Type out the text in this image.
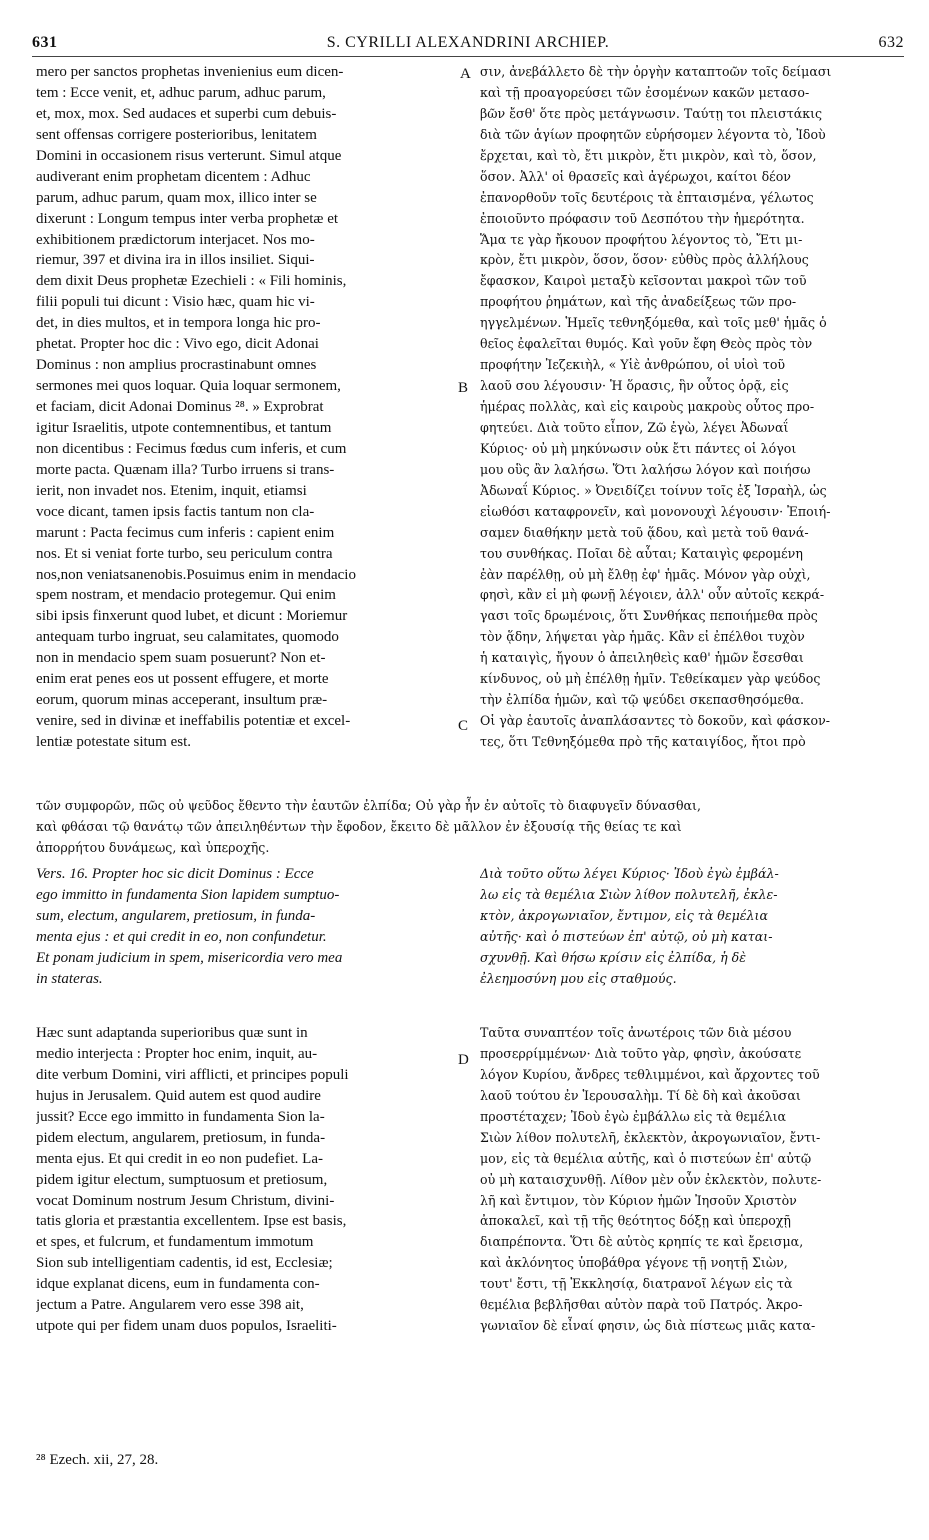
631	S. CYRILLI ALEXANDRINI ARCHIEP.	632
mero per sanctos prophetas invenienius eum dicen-
tem : Ecce venit, et, adhuc parum, adhuc parum,
et, mox, mox. Sed audaces et superbi cum debuis-
sent offensas corrigere posterioribus, lenitatem
Domini in occasionem risus verterunt. Simul atque
audiverant enim prophetam dicentem : Adhuc
parum, adhuc parum, quam mox, illico inter se
dixerunt : Longum tempus inter verba prophetæ et
exhibitionem prædictorum interjacet. Nos mo-
riemur, 397 et divina ira in illos insiliet. Siqui-
dem dixit Deus prophetæ Ezechieli : « Fili hominis,
filii populi tui dicunt : Visio hæc, quam hic vi-
det, in dies multos, et in tempora longa hic pro-
phetat. Propter hoc dic : Vivo ego, dicit Adonai
Dominus : non amplius procrastinabunt omnes
sermones mei quos loquar. Quia loquar sermonem,
et faciam, dicit Adonai Dominus ²⁸. » Exprobrat
igitur Israelitis, utpote contemnentibus, et tantum
non dicentibus : Fecimus fœdus cum inferis, et cum
morte pacta. Quænam illa? Turbo irruens si trans-
ierit, non invadet nos. Etenim, inquit, etiamsi
voce dicant, tamen ipsis factis tantum non cla-
marunt : Pacta fecimus cum inferis : capient enim
nos. Et si veniat forte turbo, seu periculum contra
nos,non veniatsanenobis.Posuimus enim in mendacio
spem nostram, et mendacio protegemur. Qui enim
sibi ipsis finxerunt quod lubet, et dicunt : Moriemur
antequam turbo ingruat, seu calamitates, quomodo
non in mendacio spem suam posuerunt? Non et-
enim erat penes eos ut possent effugere, et morte
eorum, quorum minas acceperant, insultum præ-
venire, sed in divinæ et ineffabilis potentiæ et excel-
lentiæ potestate situm est.
σιν, ἀνεβάλλετο δὲ τὴν ὀργὴν καταπτοῶν τοῖς δείμασι
καὶ τῇ προαγορεύσει τῶν ἐσομένων κακῶν μετασο-
βῶν ἔσθ' ὅτε πρὸς μετάγνωσιν. Ταύτῃ τοι πλειστάκις
διὰ τῶν ἁγίων προφητῶν εὑρήσομεν λέγοντα τὸ, Ἰδοὺ
ἔρχεται, καὶ τὸ, ἔτι μικρὸν, ἔτι μικρὸν, καὶ τὸ, ὅσον,
ὅσον. Ἀλλ' οἱ θρασεῖς καὶ ἀγέρωχοι, καίτοι δέον
ἐπανορθοῦν τοῖς δευτέροις τὰ ἐπταισμένα, γέλωτος
ἐποιοῦντο πρόφασιν τοῦ Δεσπότου τὴν ἡμερότητα.
Ἅμα τε γὰρ ἤκουον προφήτου λέγοντος τὸ, Ἔτι μι-
κρὸν, ἔτι μικρὸν, ὅσον, ὅσον· εὐθὺς πρὸς ἀλλήλους
ἔφασκον, Καιροὶ μεταξὺ κεῖσονται μακροὶ τῶν τοῦ
προφήτου ῥημάτων, καὶ τῆς ἀναδείξεως τῶν προ-
ηγγελμένων. Ἡμεῖς τεθνηξόμεθα, καὶ τοῖς μεθ' ἡμᾶς ὁ
θεῖος ἐφαλεῖται θυμός. Καὶ γοῦν ἔφη Θεὸς πρὸς τὸν
προφήτην Ἰεζεκιὴλ, « Υἱὲ ἀνθρώπου, οἱ υἱοὶ τοῦ
λαοῦ σου λέγουσιν· Ἡ ὅρασις, ἣν οὗτος ὁρᾷ, εἰς
ἡμέρας πολλὰς, καὶ εἰς καιροὺς μακροὺς οὗτος προ-
φητεύει. Διὰ τοῦτο εἶπον, Ζῶ ἐγὼ, λέγει Ἀδωναΐ
Κύριος· οὐ μὴ μηκύνωσιν οὐκ ἔτι πάντες οἱ λόγοι
μου οὓς ἂν λαλήσω. Ὅτι λαλήσω λόγον καὶ ποιήσω
Ἀδωναΐ Κύριος. » Ὀνειδίζει τοίνυν τοῖς ἐξ Ἰσραὴλ, ὡς
εἰωθόσι καταφρονεῖν, καὶ μονονουχὶ λέγουσιν· Ἐποιή-
σαμεν διαθήκην μετὰ τοῦ ᾅδου, καὶ μετὰ τοῦ θανά-
του συνθήκας. Ποῖαι δὲ αὗται; Καταιγὶς φερομένη
ἐὰν παρέλθῃ, οὐ μὴ ἔλθῃ ἐφ' ἡμᾶς. Μόνον γὰρ οὐχὶ,
φησὶ, κἂν εἰ μὴ φωνῇ λέγοιεν, ἀλλ' οὖν αὐτοῖς κεκρά-
γασι τοῖς δρωμένοις, ὅτι Συνθήκας πεποιήμεθα πρὸς
τὸν ᾅδην, λήψεται γὰρ ἡμᾶς. Κἂν εἰ ἐπέλθοι τυχὸν
ἡ καταιγὶς, ἤγουν ὁ ἀπειληθεὶς καθ' ἡμῶν ἔσεσθαι
κίνδυνος, οὐ μὴ ἐπέλθῃ ἡμῖν. Τεθείκαμεν γὰρ ψεύδος
τὴν ἐλπίδα ἡμῶν, καὶ τῷ ψεύδει σκεπασθησόμεθα.
Οἱ γὰρ ἑαυτοῖς ἀναπλάσαντες τὸ δοκοῦν, καὶ φάσκον-
τες, ὅτι Τεθνηξόμεθα πρὸ τῆς καταιγίδος, ἤτοι πρὸ
A
B
C
D
τῶν συμφορῶν, πῶς οὐ ψεῦδος ἔθεντο τὴν ἑαυτῶν ἐλπίδα; Οὐ γὰρ ἦν ἐν αὐτοῖς τὸ διαφυγεῖν δύνασθαι,
καὶ φθάσαι τῷ θανάτῳ τῶν ἀπειληθέντων τὴν ἔφοδον, ἔκειτο δὲ μᾶλλον ἐν ἐξουσίᾳ τῆς θείας τε καὶ
ἀπορρήτου δυνάμεως, καὶ ὑπεροχῆς.
Vers. 16. Propter hoc sic dicit Dominus : Ecce
ego immitto in fundamenta Sion lapidem sumptuo-
sum, electum, angularem, pretiosum, in funda-
menta ejus : et qui credit in eo, non confundetur.
Et ponam judicium in spem, misericordia vero mea
in stateras.
Διὰ τοῦτο οὕτω λέγει Κύριος· Ἰδοὺ ἐγὼ ἐμβάλ-
λω εἰς τὰ θεμέλια Σιὼν λίθον πολυτελῆ, ἐκλε-
κτὸν, ἀκρογωνιαῖον, ἔντιμον, εἰς τὰ θεμέλια
αὐτῆς· καὶ ὁ πιστεύων ἐπ' αὐτῷ, οὐ μὴ καται-
σχυνθῇ. Καὶ θήσω κρίσιν εἰς ἐλπίδα, ἡ δὲ
ἐλεημοσύνη μου εἰς σταθμούς.
Hæc sunt adaptanda superioribus quæ sunt in
medio interjecta : Propter hoc enim, inquit, au-
dite verbum Domini, viri afflicti, et principes populi
hujus in Jerusalem. Quid autem est quod audire
jussit? Ecce ego immitto in fundamenta Sion la-
pidem electum, angularem, pretiosum, in funda-
menta ejus. Et qui credit in eo non pudefiet. La-
pidem igitur electum, sumptuosum et pretiosum,
vocat Dominum nostrum Jesum Christum, divini-
tatis gloria et præstantia excellentem. Ipse est basis,
et spes, et fulcrum, et fundamentum immotum
Sion sub intelligentiam cadentis, id est, Ecclesiæ;
idque explanat dicens, eum in fundamenta con-
jectum a Patre. Angularem vero esse 398 ait,
utpote qui per fidem unam duos populos, Israeliti-
Ταῦτα συναπτέον τοῖς ἀνωτέροις τῶν διὰ μέσου
προσερρίμμένων· Διὰ τοῦτο γὰρ, φησὶν, ἀκούσατε
λόγον Κυρίου, ἄνδρες τεθλιμμένοι, καὶ ἄρχοντες τοῦ
λαοῦ τούτου ἐν Ἱερουσαλὴμ. Τί δὲ δὴ καὶ ἀκοῦσαι
προστέταχεν; Ἰδοὺ ἐγὼ ἐμβάλλω εἰς τὰ θεμέλια
Σιὼν λίθον πολυτελῆ, ἐκλεκτὸν, ἀκρογωνιαῖον, ἔντι-
μον, εἰς τὰ θεμέλια αὐτῆς, καὶ ὁ πιστεύων ἐπ' αὐτῷ
οὐ μὴ καταισχυνθῇ. Λίθον μὲν οὖν ἐκλεκτὸν, πολυτε-
λῆ καὶ ἔντιμον, τὸν Κύριον ἡμῶν Ἰησοῦν Χριστὸν
ἀποκαλεῖ, καὶ τῇ τῆς θεότητος δόξῃ καὶ ὑπεροχῇ
διαπρέποντα. Ὅτι δὲ αὐτὸς κρηπίς τε καὶ ἔρεισμα,
καὶ ἀκλόνητος ὑποβάθρα γέγονε τῇ νοητῇ Σιὼν,
τουτ' ἔστι, τῇ Ἐκκλησίᾳ, διατρανοῖ λέγων εἰς τὰ
θεμέλια βεβλῆσθαι αὐτὸν παρὰ τοῦ Πατρός. Ἀκρο-
γωνιαῖον δὲ εἶναί φησιν, ὡς διὰ πίστεως μιᾶς κατα-
²⁸ Ezech. xii, 27, 28.
